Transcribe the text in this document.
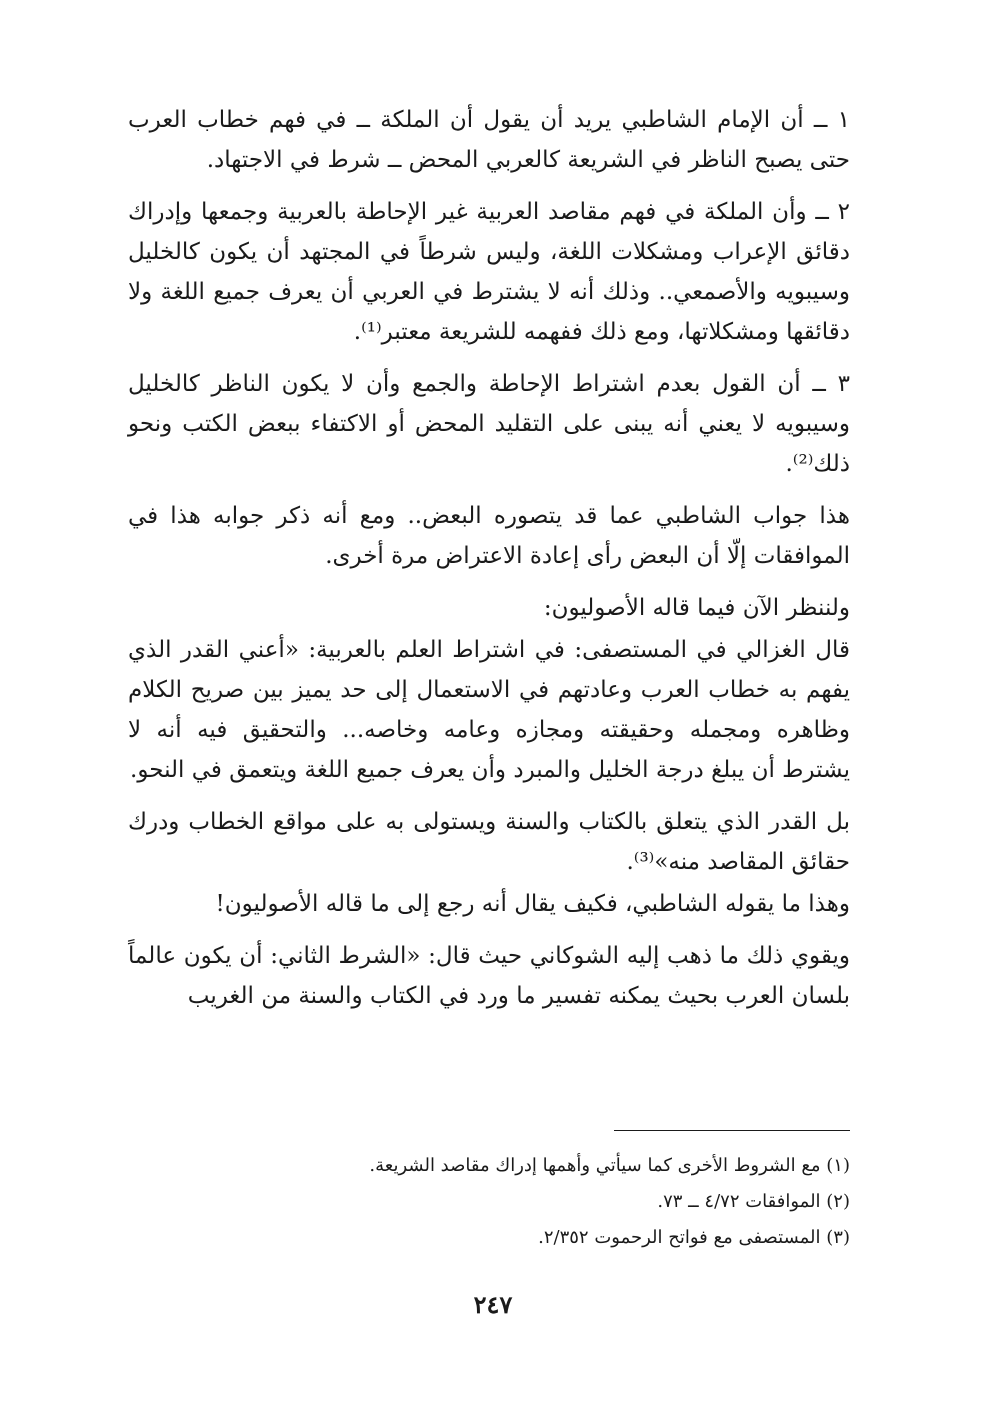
١ ــ أن الإمام الشاطبي يريد أن يقول أن الملكة ــ في فهم خطاب العرب حتى يصبح الناظر في الشريعة كالعربي المحض ــ شرط في الاجتهاد.

٢ ــ وأن الملكة في فهم مقاصد العربية غير الإحاطة بالعربية وجمعها وإدراك دقائق الإعراب ومشكلات اللغة، وليس شرطاً في المجتهد أن يكون كالخليل وسيبويه والأصمعي.. وذلك أنه لا يشترط في العربي أن يعرف جميع اللغة ولا دقائقها ومشكلاتها، ومع ذلك ففهمه للشريعة معتبر⁽¹⁾.

٣ ــ أن القول بعدم اشتراط الإحاطة والجمع وأن لا يكون الناظر كالخليل وسيبويه لا يعني أنه يبنى على التقليد المحض أو الاكتفاء ببعض الكتب ونحو ذلك⁽²⁾.

هذا جواب الشاطبي عما قد يتصوره البعض.. ومع أنه ذكر جوابه هذا في الموافقات إلّا أن البعض رأى إعادة الاعتراض مرة أخرى.

ولننظر الآن فيما قاله الأصوليون:

قال الغزالي في المستصفى: في اشتراط العلم بالعربية: «أعني القدر الذي يفهم به خطاب العرب وعادتهم في الاستعمال إلى حد يميز بين صريح الكلام وظاهره ومجمله وحقيقته ومجازه وعامه وخاصه... والتحقيق فيه أنه لا يشترط أن يبلغ درجة الخليل والمبرد وأن يعرف جميع اللغة ويتعمق في النحو.

بل القدر الذي يتعلق بالكتاب والسنة ويستولى به على مواقع الخطاب ودرك حقائق المقاصد منه»⁽³⁾.

وهذا ما يقوله الشاطبي، فكيف يقال أنه رجع إلى ما قاله الأصوليون!

ويقوي ذلك ما ذهب إليه الشوكاني حيث قال: «الشرط الثاني: أن يكون عالماً بلسان العرب بحيث يمكنه تفسير ما ورد في الكتاب والسنة من الغريب

(١) مع الشروط الأخرى كما سيأتي وأهمها إدراك مقاصد الشريعة.

(٢) الموافقات ٤/٧٢ ــ ٧٣.

(٣) المستصفى مع فواتح الرحموت ٢/٣٥٢.

٢٤٧
